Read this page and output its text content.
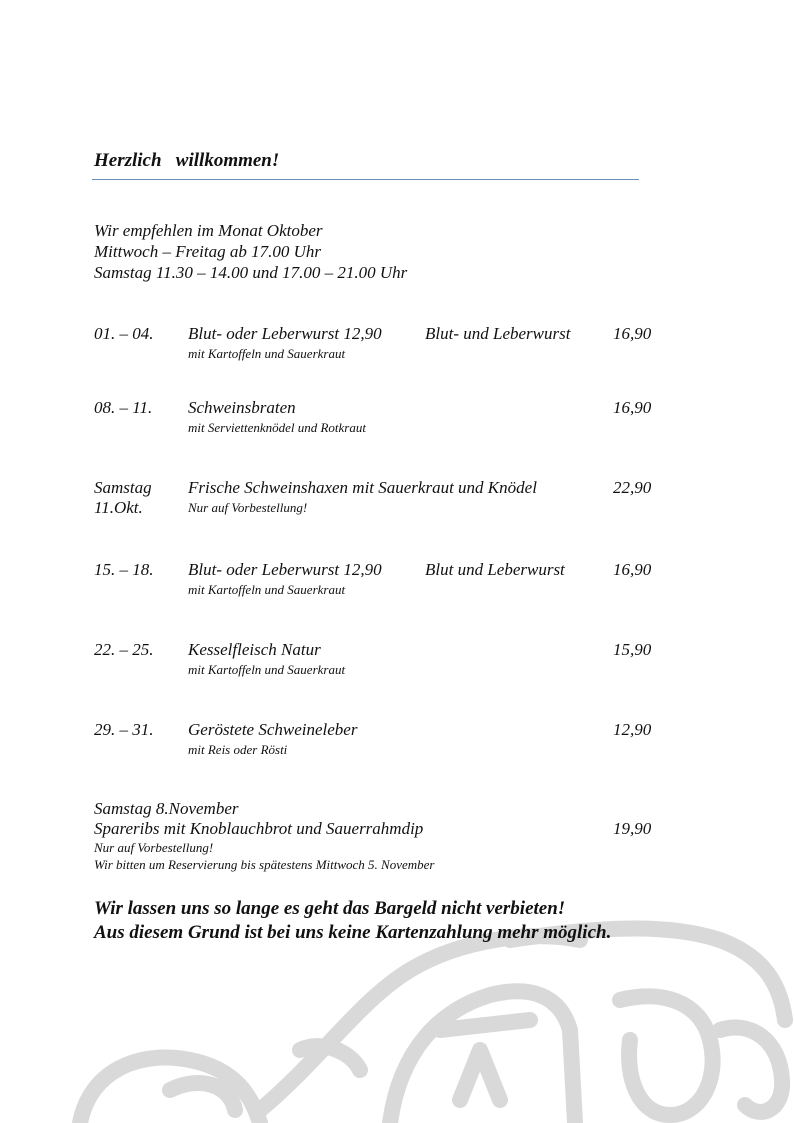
Herzlich   willkommen!
Wir empfehlen im Monat Oktober
Mittwoch – Freitag ab 17.00 Uhr
Samstag 11.30 – 14.00 und 17.00 – 21.00 Uhr
01. – 04. Blut- oder Leberwurst 12,90	Blut- und Leberwurst	16,90
mit Kartoffeln und Sauerkraut
08. – 11. Schweinsbraten	16,90
mit Serviettenknödel und Rotkraut
Samstag
11.Okt.
Frische Schweinshaxen mit Sauerkraut und Knödel	22,90
Nur auf Vorbestellung!
15. – 18. Blut- oder Leberwurst 12,90	Blut und Leberwurst	16,90
mit Kartoffeln und Sauerkraut
22. – 25. Kesselfleisch Natur	15,90
mit Kartoffeln und Sauerkraut
29. – 31. Geröstete Schweineleber	12,90
mit Reis oder Rösti
Samstag 8.November
Spareribs mit Knoblauchbrot und Sauerrahmdip	19,90
Nur auf Vorbestellung!
Wir bitten um Reservierung bis spätestens Mittwoch 5. November
Wir lassen uns so lange es geht das Bargeld nicht verbieten!
Aus diesem Grund ist bei uns keine Kartenzahlung mehr möglich.
